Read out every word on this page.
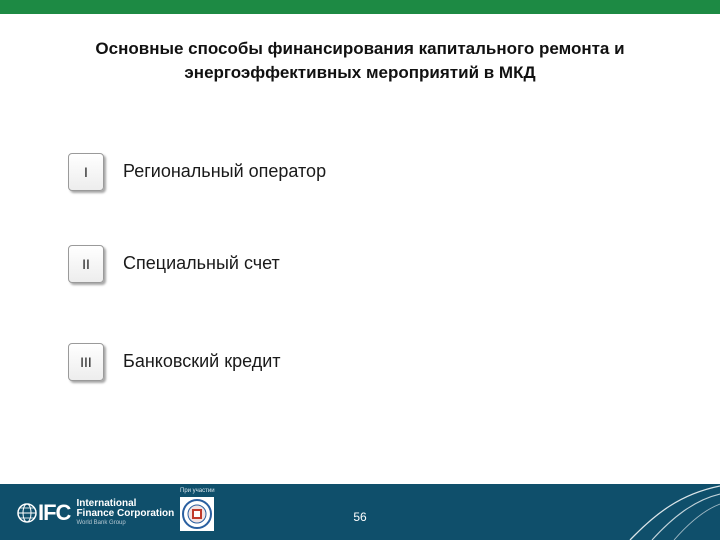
Основные способы финансирования капитального ремонта и
энергоэффективных мероприятий в МКД
I	Региональный оператор
II	Специальный счет
III	Банковский кредит
IFC International
Finance Corporation
World Bank Group
При участии
56
